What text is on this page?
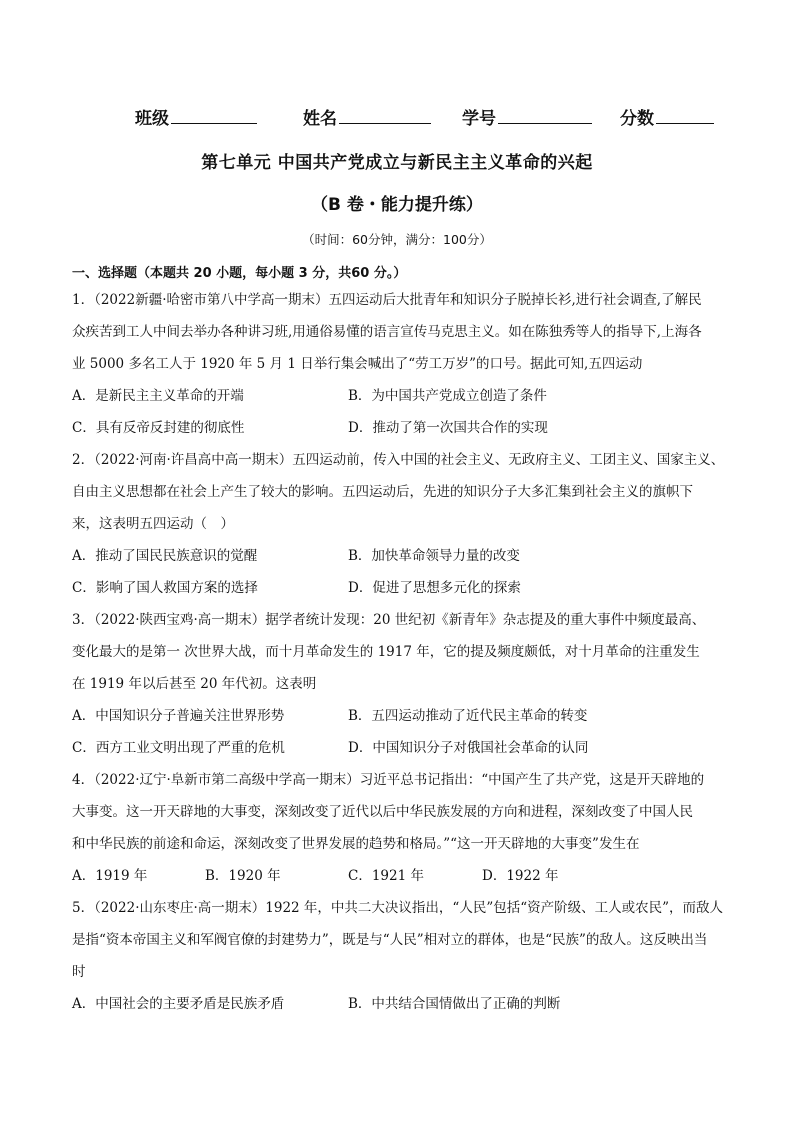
班级	姓名	学号	分数
第七单元 中国共产党成立与新民主主义革命的兴起
（B 卷・能力提升练）
（时间：60分钟，满分：100分）
一、选择题（本题共 20 小题，每小题 3 分，共60 分。）
1．（2022新疆·哈密市第八中学高一期末）五四运动后大批青年和知识分子脱掉长衫,进行社会调查,了解民
众疾苦到工人中间去举办各种讲习班,用通俗易懂的语言宣传马克思主义。如在陈独秀等人的指导下,上海各
业 5000 多名工人于 1920 年 5 月 1 日举行集会喊出了“劳工万岁”的口号。据此可知,五四运动
A．是新民主主义革命的开端	B．为中国共产党成立创造了条件
C．具有反帝反封建的彻底性	D．推动了第一次国共合作的实现
2．（2022·河南·许昌高中高一期末）五四运动前，传入中国的社会主义、无政府主义、工团主义、国家主义、
自由主义思想都在社会上产生了较大的影响。五四运动后，先进的知识分子大多汇集到社会主义的旗帜下
来，这表明五四运动（　）
A．推动了国民民族意识的觉醒	B．加快革命领导力量的改变
C．影响了国人救国方案的选择	D．促进了思想多元化的探索
3．（2022·陕西宝鸡·高一期末）据学者统计发现：20 世纪初《新青年》杂志提及的重大事件中频度最高、
变化最大的是第一 次世界大战，而十月革命发生的 1917 年，它的提及频度颇低，对十月革命的注重发生
在 1919 年以后甚至 20 年代初。这表明
A．中国知识分子普遍关注世界形势	B．五四运动推动了近代民主革命的转变
C．西方工业文明出现了严重的危机	D．中国知识分子对俄国社会革命的认同
4．（2022·辽宁·阜新市第二高级中学高一期末）习近平总书记指出：“中国产生了共产党，这是开天辟地的
大事变。这一开天辟地的大事变，深刻改变了近代以后中华民族发展的方向和进程，深刻改变了中国人民
和中华民族的前途和命运，深刻改变了世界发展的趋势和格局。”“这一开天辟地的大事变”发生在
A．1919 年	B．1920 年	C．1921 年	D．1922 年
5．（2022·山东枣庄·高一期末）1922 年，中共二大决议指出，“人民”包括“资产阶级、工人或农民”，而敌人
是指“资本帝国主义和军阀官僚的封建势力”，既是与“人民”相对立的群体，也是“民族”的敌人。这反映出当
时
A．中国社会的主要矛盾是民族矛盾	B．中共结合国情做出了正确的判断
